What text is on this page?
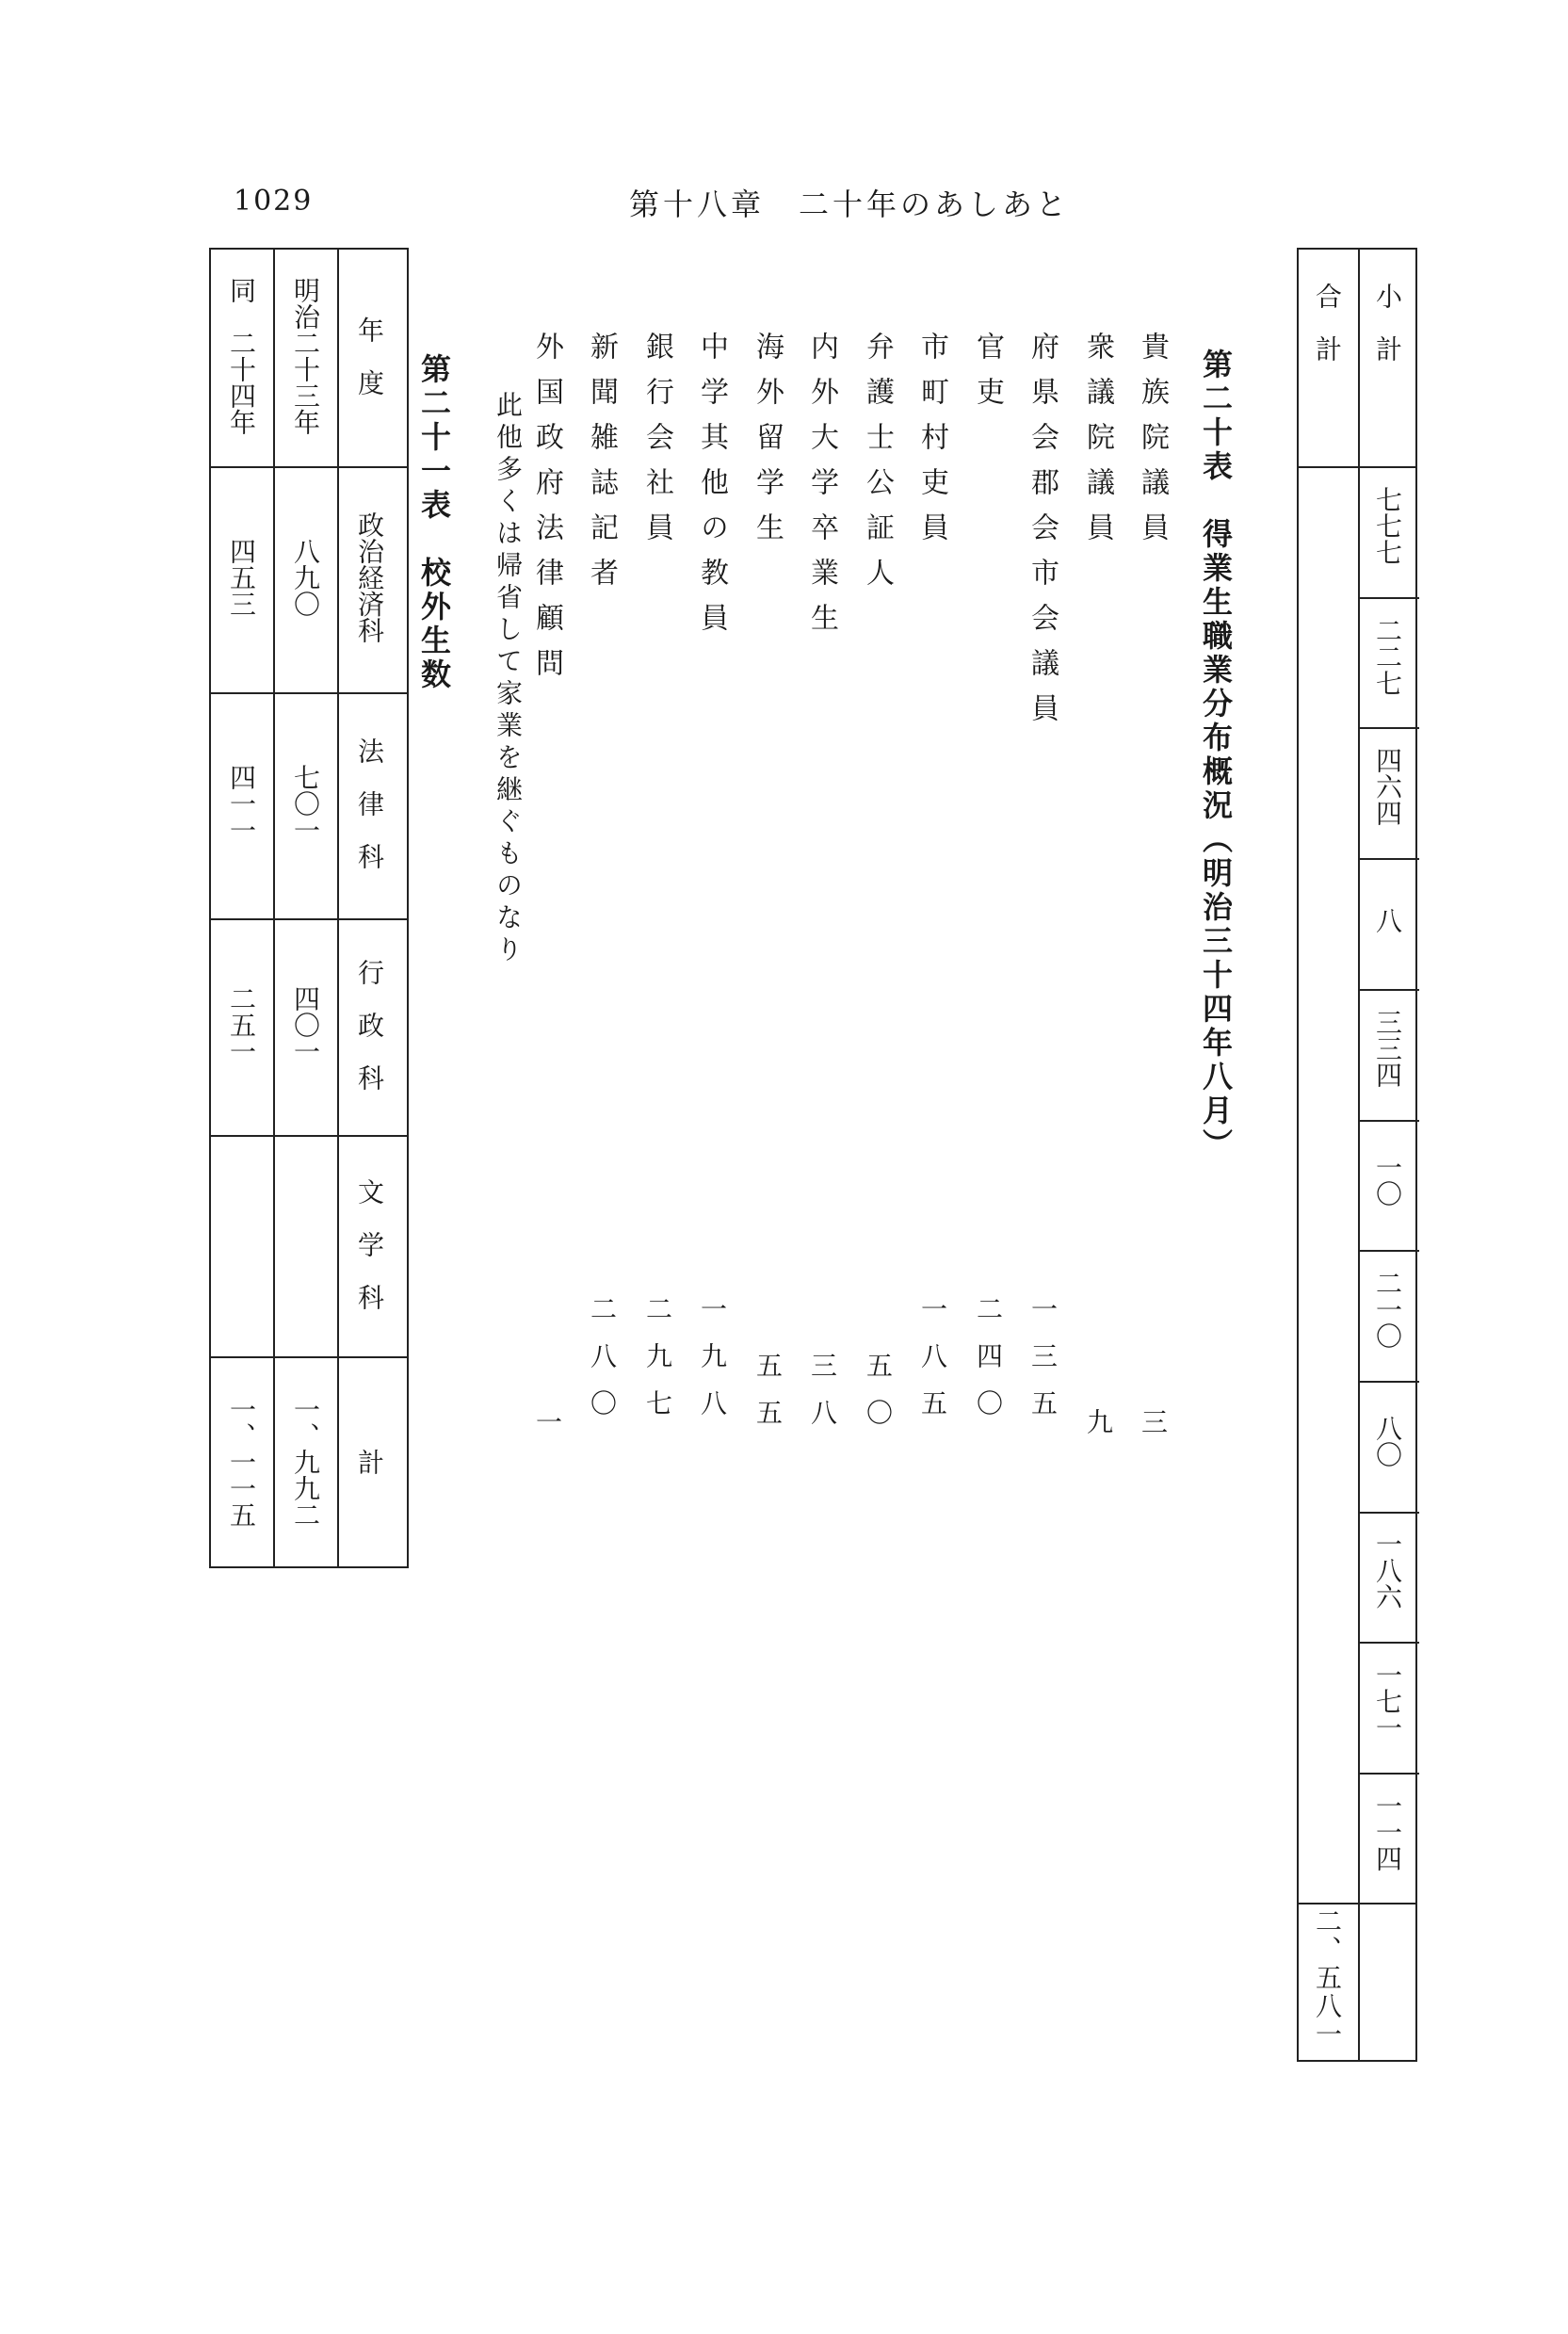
1029	第十八章　二十年のあしあと
第二十表　得業生職業分布概況（明治三十四年八月）
貴族院議員
衆議院議員
府県会郡会市会議員
官吏
市町村吏員
弁護士公証人
内外大学卒業生
海外留学生
中学其他の教員
銀行会社員
新聞雑誌記者
外国政府法律顧問
三
九
一三五
二四〇
一八五
五〇
三八
五五
一九八
二九七
二八〇
一
此他多くは帰省して家業を継ぐものなり
小　計
合　計
七七七
二二七
四六四
八
三三四
一〇
二一〇
八〇
一八六
一七一
一一四
二、五八一
第二十一表　校外生数
年　度
政治経済科
法　律　科
行　政　科
文　学　科
計
明治二十三年
八九〇
七〇一
四〇一
一、九九二
同　二十四年
四五三
四一一
二五一
一、一一五
